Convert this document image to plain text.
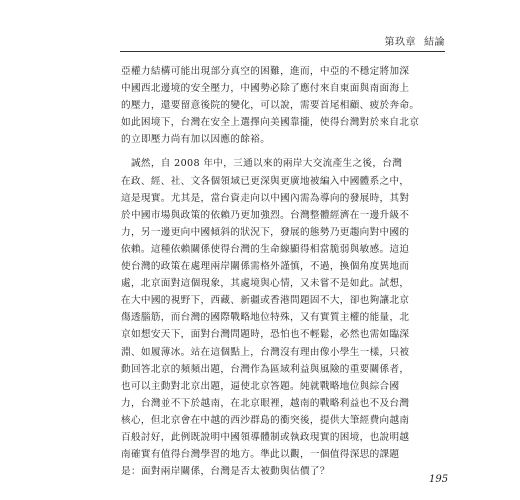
第玖章 結論
亞權力結構可能出現部分真空的困難，進而，中亞的不穩定將加深
中國西北邊境的安全壓力，中國勢必除了應付來自東面與南面海上
的壓力，還要留意後院的變化，可以說，需要首尾相顧、疲於奔命。
如此困境下，台灣在安全上選擇向美國靠攏，使得台灣對於來自北京
的立即壓力尚有加以因應的餘裕。
　誠然，自 2008 年中，三通以來的兩岸大交流產生之後，台灣
在政、經、社、文各個領域已更深與更廣地被編入中國體系之中，
這是現實。尤其是，當台資走向以中國內需為導向的發展時，其對
於中國市場與政策的依賴乃更加強烈。台灣整體經濟在一邊升級不
力，另一邊更向中國傾斜的狀況下，發展的態勢乃更趨向對中國的
依賴。這種依賴關係使得台灣的生命線顯得相當脆弱與敏感。這迫
使台灣的政策在處理兩岸關係需格外謹慎，不過，換個角度異地而
處，北京面對這個現象，其處境與心情，又未嘗不是如此。試想，
在大中國的視野下，西藏、新疆或香港問題固不大，卻也夠讓北京
傷透腦筋，而台灣的國際戰略地位特殊，又有實質主權的能量，北
京如想安天下，面對台灣問題時，恐怕也不輕鬆，必然也需如臨深
淵、如履薄冰。站在這個點上，台灣沒有理由像小學生一樣，只被
動回答北京的頻頻出題，台灣作為區域利益與風險的重要關係者，
也可以主動對北京出題，逼使北京答題。純就戰略地位與綜合國
力，台灣並不下於越南，在北京眼裡，越南的戰略利益也不及台灣
核心，但北京會在中越的西沙群島的衝突後，提供大筆經費向越南
百般討好，此例既說明中國領導體制或執政現實的困境，也說明越
南確實有值得台灣學習的地方。準此以觀，一個值得深思的課題
是：面對兩岸關係，台灣是否太被動與估價了？
195
